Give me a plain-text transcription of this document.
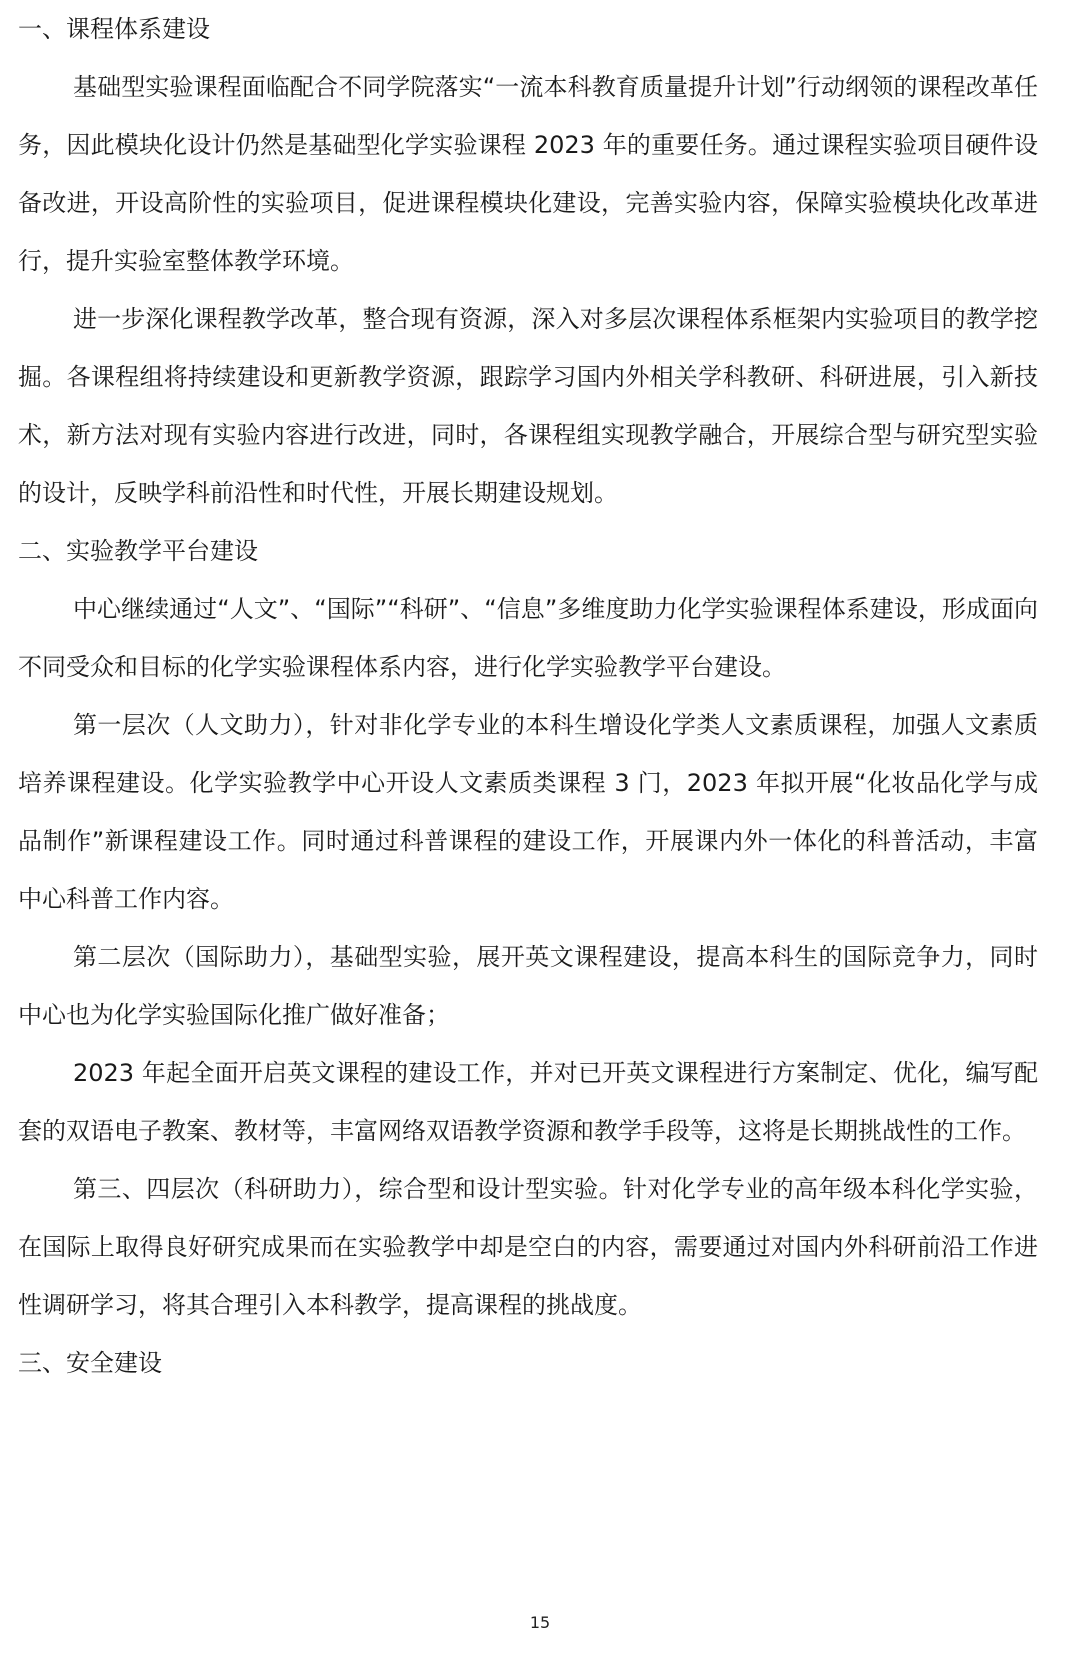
一、课程体系建设

基础型实验课程面临配合不同学院落实“一流本科教育质量提升计划”行动纲领的课程改革任务，因此模块化设计仍然是基础型化学实验课程 2023 年的重要任务。通过课程实验项目硬件设备改进，开设高阶性的实验项目，促进课程模块化建设，完善实验内容，保障实验模块化改革进行，提升实验室整体教学环境。

进一步深化课程教学改革，整合现有资源，深入对多层次课程体系框架内实验项目的教学挖掘。各课程组将持续建设和更新教学资源，跟踪学习国内外相关学科教研、科研进展，引入新技术，新方法对现有实验内容进行改进，同时，各课程组实现教学融合，开展综合型与研究型实验的设计，反映学科前沿性和时代性，开展长期建设规划。

二、实验教学平台建设

中心继续通过“人文”、“国际”“科研”、“信息”多维度助力化学实验课程体系建设，形成面向不同受众和目标的化学实验课程体系内容，进行化学实验教学平台建设。

第一层次（人文助力），针对非化学专业的本科生增设化学类人文素质课程，加强人文素质培养课程建设。化学实验教学中心开设人文素质类课程 3 门，2023 年拟开展“化妆品化学与成品制作”新课程建设工作。同时通过科普课程的建设工作，开展课内外一体化的科普活动，丰富中心科普工作内容。

第二层次（国际助力），基础型实验，展开英文课程建设，提高本科生的国际竞争力，同时中心也为化学实验国际化推广做好准备；

2023 年起全面开启英文课程的建设工作，并对已开英文课程进行方案制定、优化，编写配套的双语电子教案、教材等，丰富网络双语教学资源和教学手段等，这将是长期挑战性的工作。

第三、四层次（科研助力），综合型和设计型实验。针对化学专业的高年级本科化学实验，在国际上取得良好研究成果而在实验教学中却是空白的内容，需要通过对国内外科研前沿工作进性调研学习，将其合理引入本科教学，提高课程的挑战度。

三、安全建设
15
